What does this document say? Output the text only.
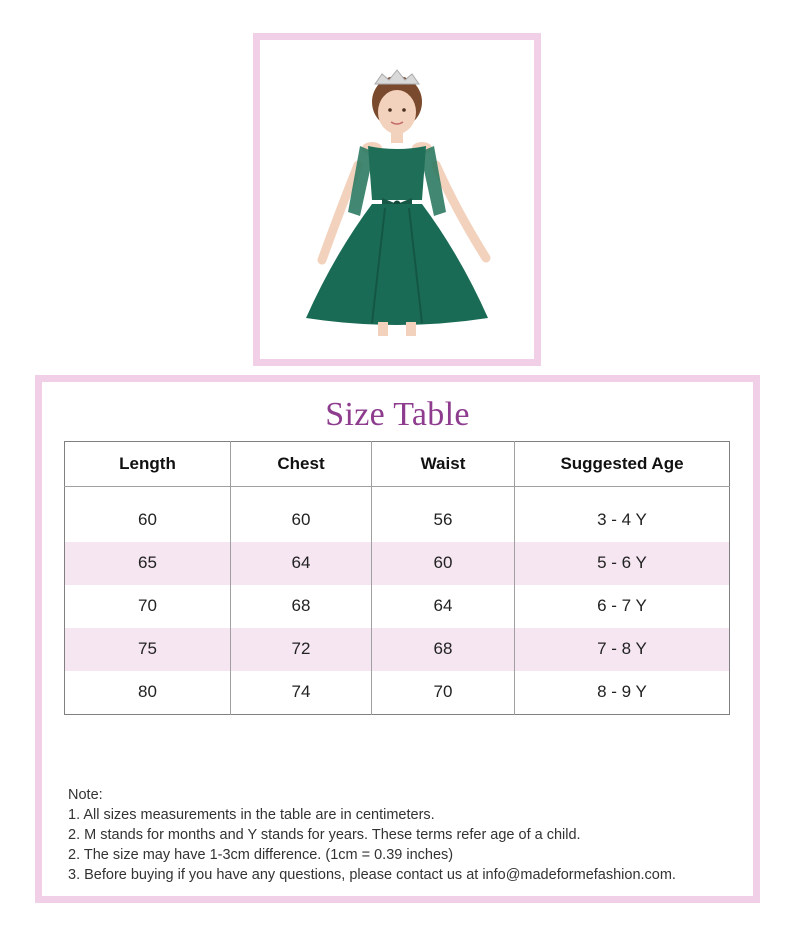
Size Table
Length	Chest	Waist	Suggested Age
60	60	56	3 - 4 Y
65	64	60	5 - 6 Y
70	68	64	6 - 7 Y
75	72	68	7 - 8 Y
80	74	70	8 - 9 Y
Note:
1. All sizes measurements in the table are in centimeters.
2. M stands for months and Y stands for years. These terms refer age of a child.
2. The size may have 1-3cm difference. (1cm = 0.39 inches)
3. Before buying if you have any questions, please contact us at info@madeformefashion.com.
